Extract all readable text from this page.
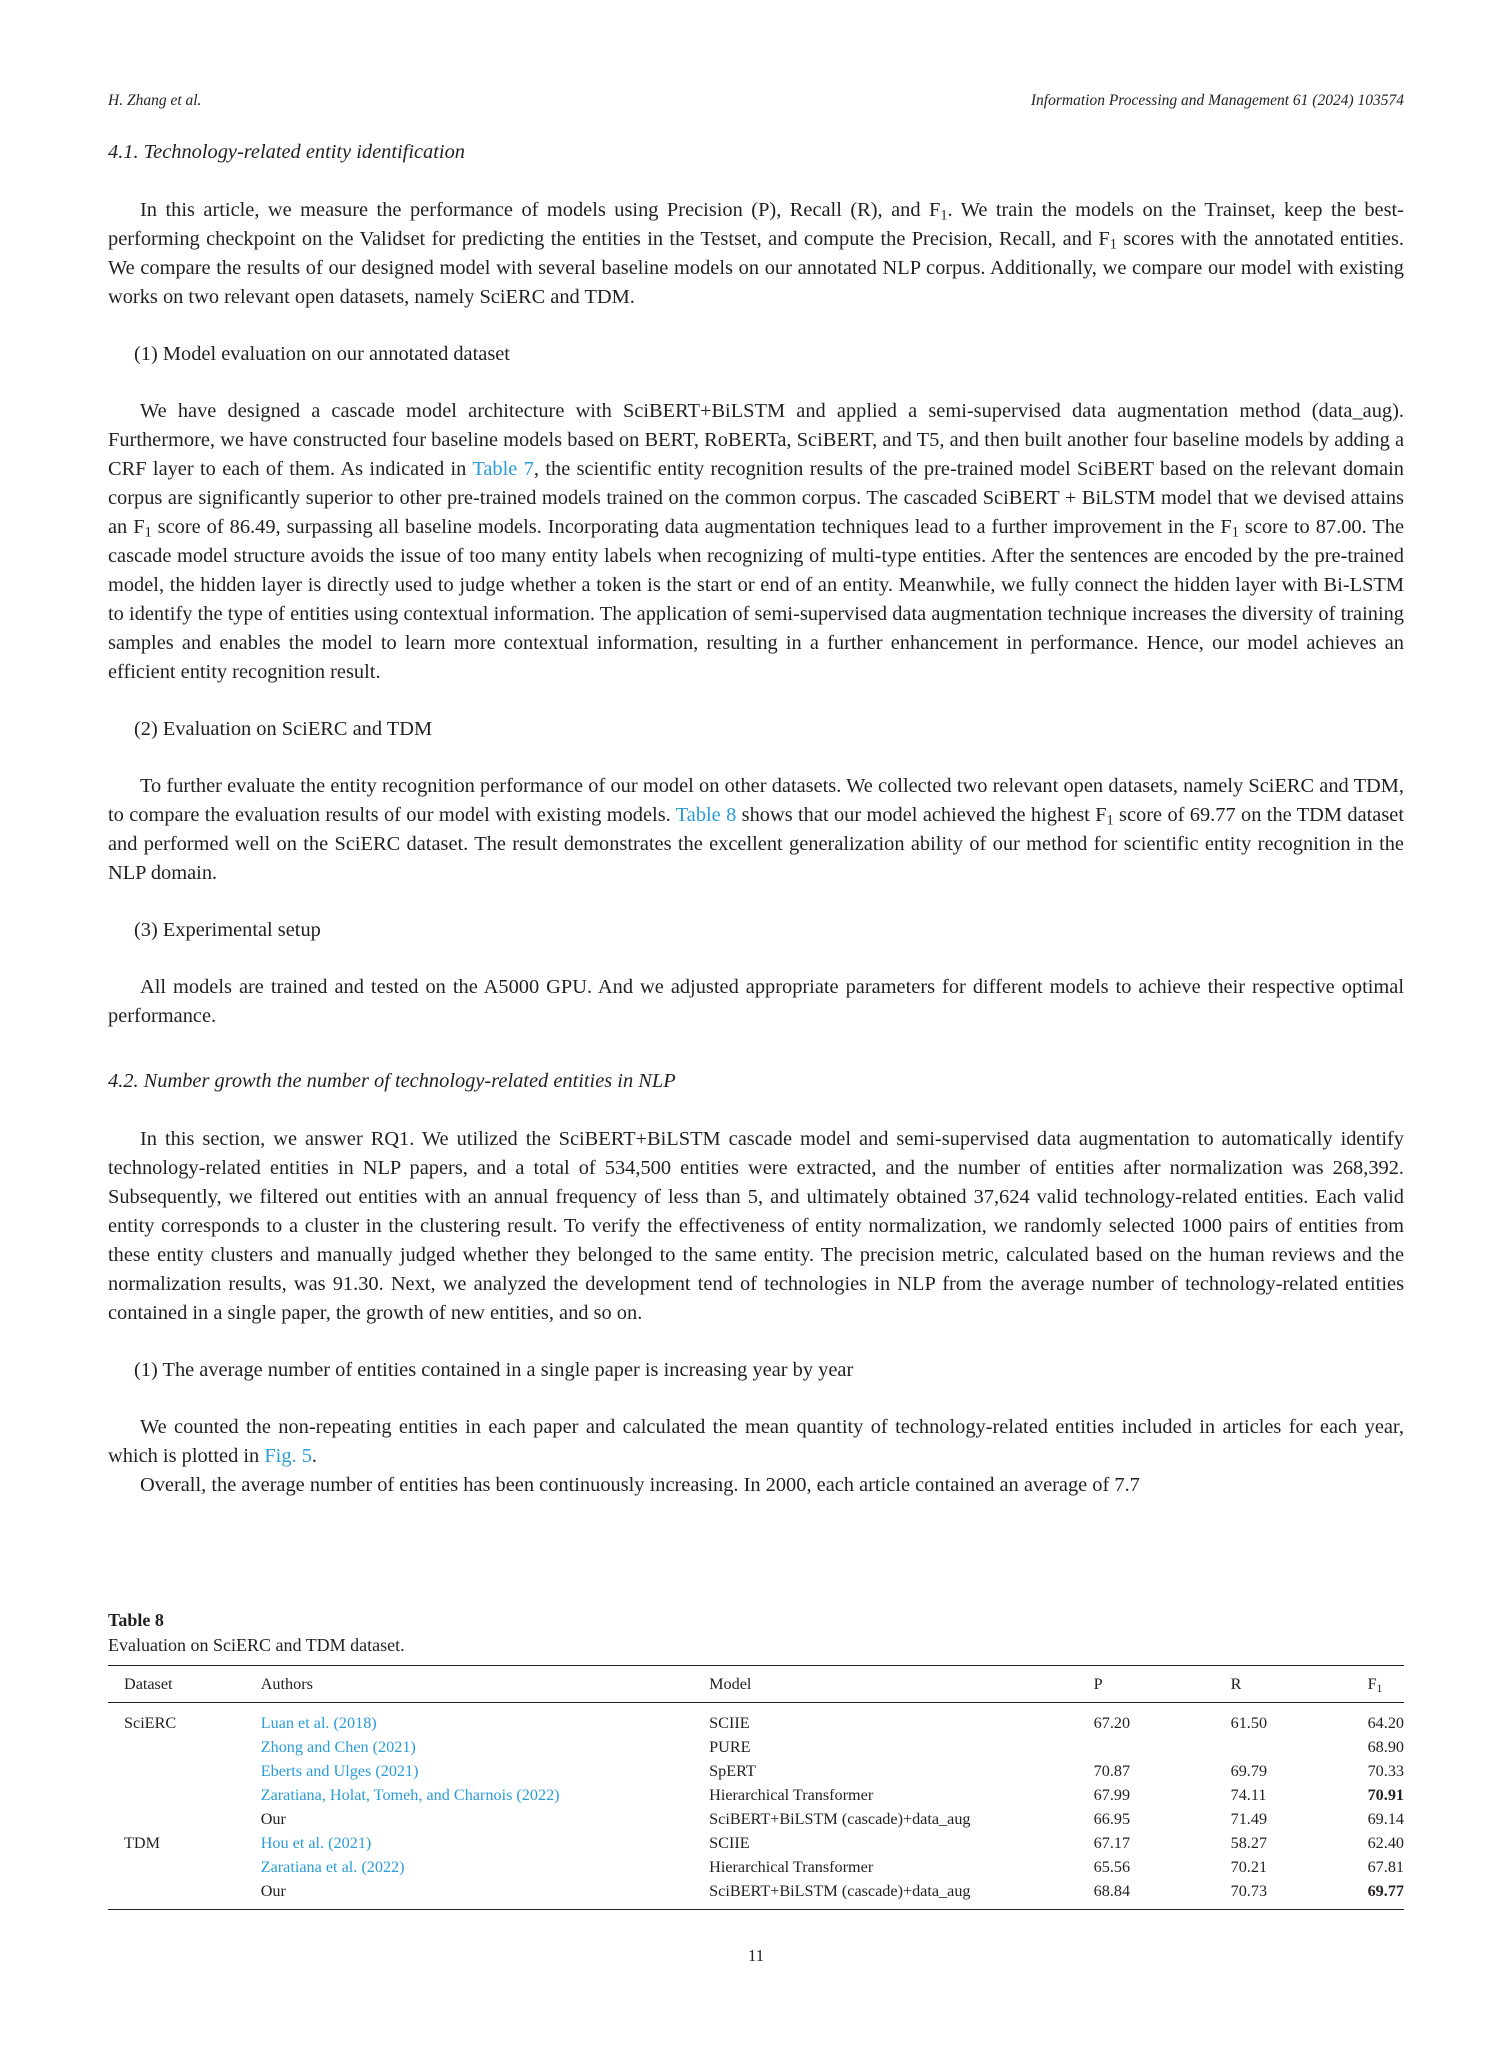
H. Zhang et al.	Information Processing and Management 61 (2024) 103574
4.1. Technology-related entity identification

In this article, we measure the performance of models using Precision (P), Recall (R), and $F_1$. We train the models on the Trainset, keep the best-performing checkpoint on the Validset for predicting the entities in the Testset, and compute the Precision, Recall, and $F_1$ scores with the annotated entities. We compare the results of our designed model with several baseline models on our annotated NLP corpus. Additionally, we compare our model with existing works on two relevant open datasets, namely SciERC and TDM.

(1) Model evaluation on our annotated dataset

We have designed a cascade model architecture with SciBERT+BiLSTM and applied a semi-supervised data augmentation method (data_aug). Furthermore, we have constructed four baseline models based on BERT, RoBERTa, SciBERT, and T5, and then built another four baseline models by adding a CRF layer to each of them. As indicated in Table 7, the scientific entity recognition results of the pre-trained model SciBERT based on the relevant domain corpus are significantly superior to other pre-trained models trained on the common corpus. The cascaded SciBERT + BiLSTM model that we devised attains an $F_1$ score of 86.49, surpassing all baseline models. Incorporating data augmentation techniques lead to a further improvement in the $F_1$ score to 87.00. The cascade model structure avoids the issue of too many entity labels when recognizing of multi-type entities. After the sentences are encoded by the pre-trained model, the hidden layer is directly used to judge whether a token is the start or end of an entity. Meanwhile, we fully connect the hidden layer with Bi-LSTM to identify the type of entities using contextual information. The application of semi-supervised data augmentation technique increases the diversity of training samples and enables the model to learn more contextual information, resulting in a further enhancement in performance. Hence, our model achieves an efficient entity recognition result.

(2) Evaluation on SciERC and TDM

To further evaluate the entity recognition performance of our model on other datasets. We collected two relevant open datasets, namely SciERC and TDM, to compare the evaluation results of our model with existing models. Table 8 shows that our model achieved the highest $F_1$ score of 69.77 on the TDM dataset and performed well on the SciERC dataset. The result demonstrates the excellent generalization ability of our method for scientific entity recognition in the NLP domain.

(3) Experimental setup

All models are trained and tested on the A5000 GPU. And we adjusted appropriate parameters for different models to achieve their respective optimal performance.

4.2. Number growth the number of technology-related entities in NLP

In this section, we answer RQ1. We utilized the SciBERT+BiLSTM cascade model and semi-supervised data augmentation to automatically identify technology-related entities in NLP papers, and a total of 534,500 entities were extracted, and the number of entities after normalization was 268,392. Subsequently, we filtered out entities with an annual frequency of less than 5, and ultimately obtained 37,624 valid technology-related entities. Each valid entity corresponds to a cluster in the clustering result. To verify the effectiveness of entity normalization, we randomly selected 1000 pairs of entities from these entity clusters and manually judged whether they belonged to the same entity. The precision metric, calculated based on the human reviews and the normalization results, was 91.30. Next, we analyzed the development tend of technologies in NLP from the average number of technology-related entities contained in a single paper, the growth of new entities, and so on.

(1) The average number of entities contained in a single paper is increasing year by year

We counted the non-repeating entities in each paper and calculated the mean quantity of technology-related entities included in articles for each year, which is plotted in Fig. 5.

Overall, the average number of entities has been continuously increasing. In 2000, each article contained an average of 7.7

Table 8
Evaluation on SciERC and TDM dataset.
Dataset	Authors	Model	P	R	$F_1$
SciERC	Luan et al. (2018)	SCIIE	67.20	61.50	64.20
	Zhong and Chen (2021)	PURE			68.90
	Eberts and Ulges (2021)	SpERT	70.87	69.79	70.33
	Zaratiana, Holat, Tomeh, and Charnois (2022)	Hierarchical Transformer	67.99	74.11	70.91
	Our	SciBERT+BiLSTM (cascade)+data_aug	66.95	71.49	69.14
TDM	Hou et al. (2021)	SCIIE	67.17	58.27	62.40
	Zaratiana et al. (2022)	Hierarchical Transformer	65.56	70.21	67.81
	Our	SciBERT+BiLSTM (cascade)+data_aug	68.84	70.73	69.77
11
